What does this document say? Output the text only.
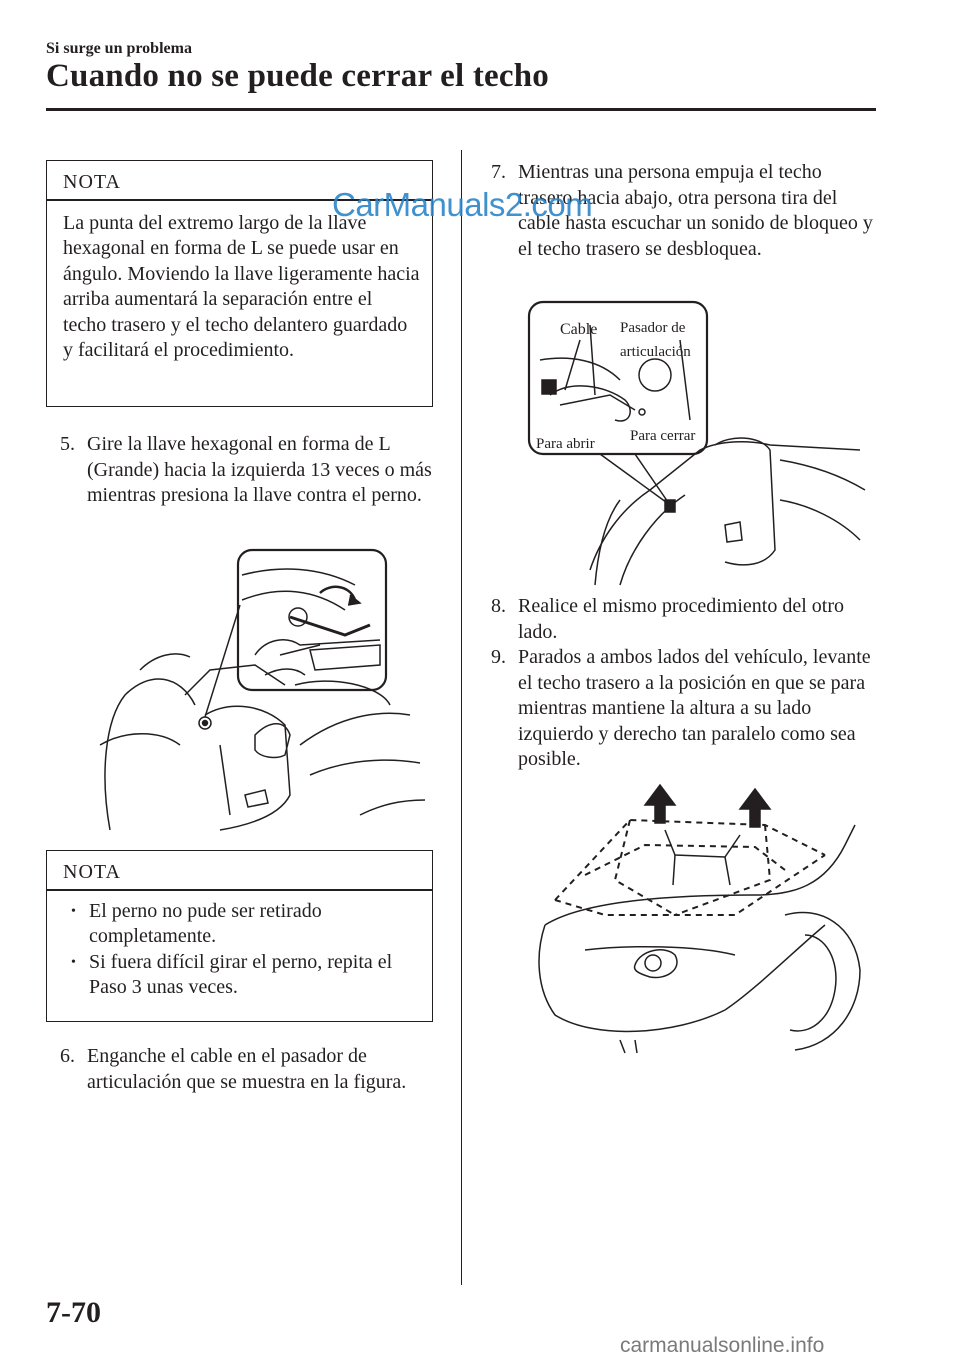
Si surge un problema
Cuando no se puede cerrar el techo
NOTA
La punta del extremo largo de la llave hexagonal en forma de L se puede usar en ángulo. Moviendo la llave ligeramente hacia arriba aumentará la separación entre el techo trasero y el techo delantero guardado y facilitará el procedimiento.
5. Gire la llave hexagonal en forma de L (Grande) hacia la izquierda 13 veces o más mientras presiona la llave contra el perno.
NOTA
• El perno no pude ser retirado completamente.
• Si fuera difícil girar el perno, repita el Paso 3 unas veces.
6. Enganche el cable en el pasador de articulación que se muestra en la figura.
7. Mientras una persona empuja el techo trasero hacia abajo, otra persona tira del cable hasta escuchar un sonido de bloqueo y el techo trasero se desbloquea.
Cable Pasador de
articulación
Para abrir Para cerrar
8. Realice el mismo procedimiento del otro lado.
9. Parados a ambos lados del vehículo, levante el techo trasero a la posición en que se para mientras mantiene la altura a su lado izquierdo y derecho tan paralelo como sea posible.
CarManuals2.com
7-70
carmanualsonline.info
